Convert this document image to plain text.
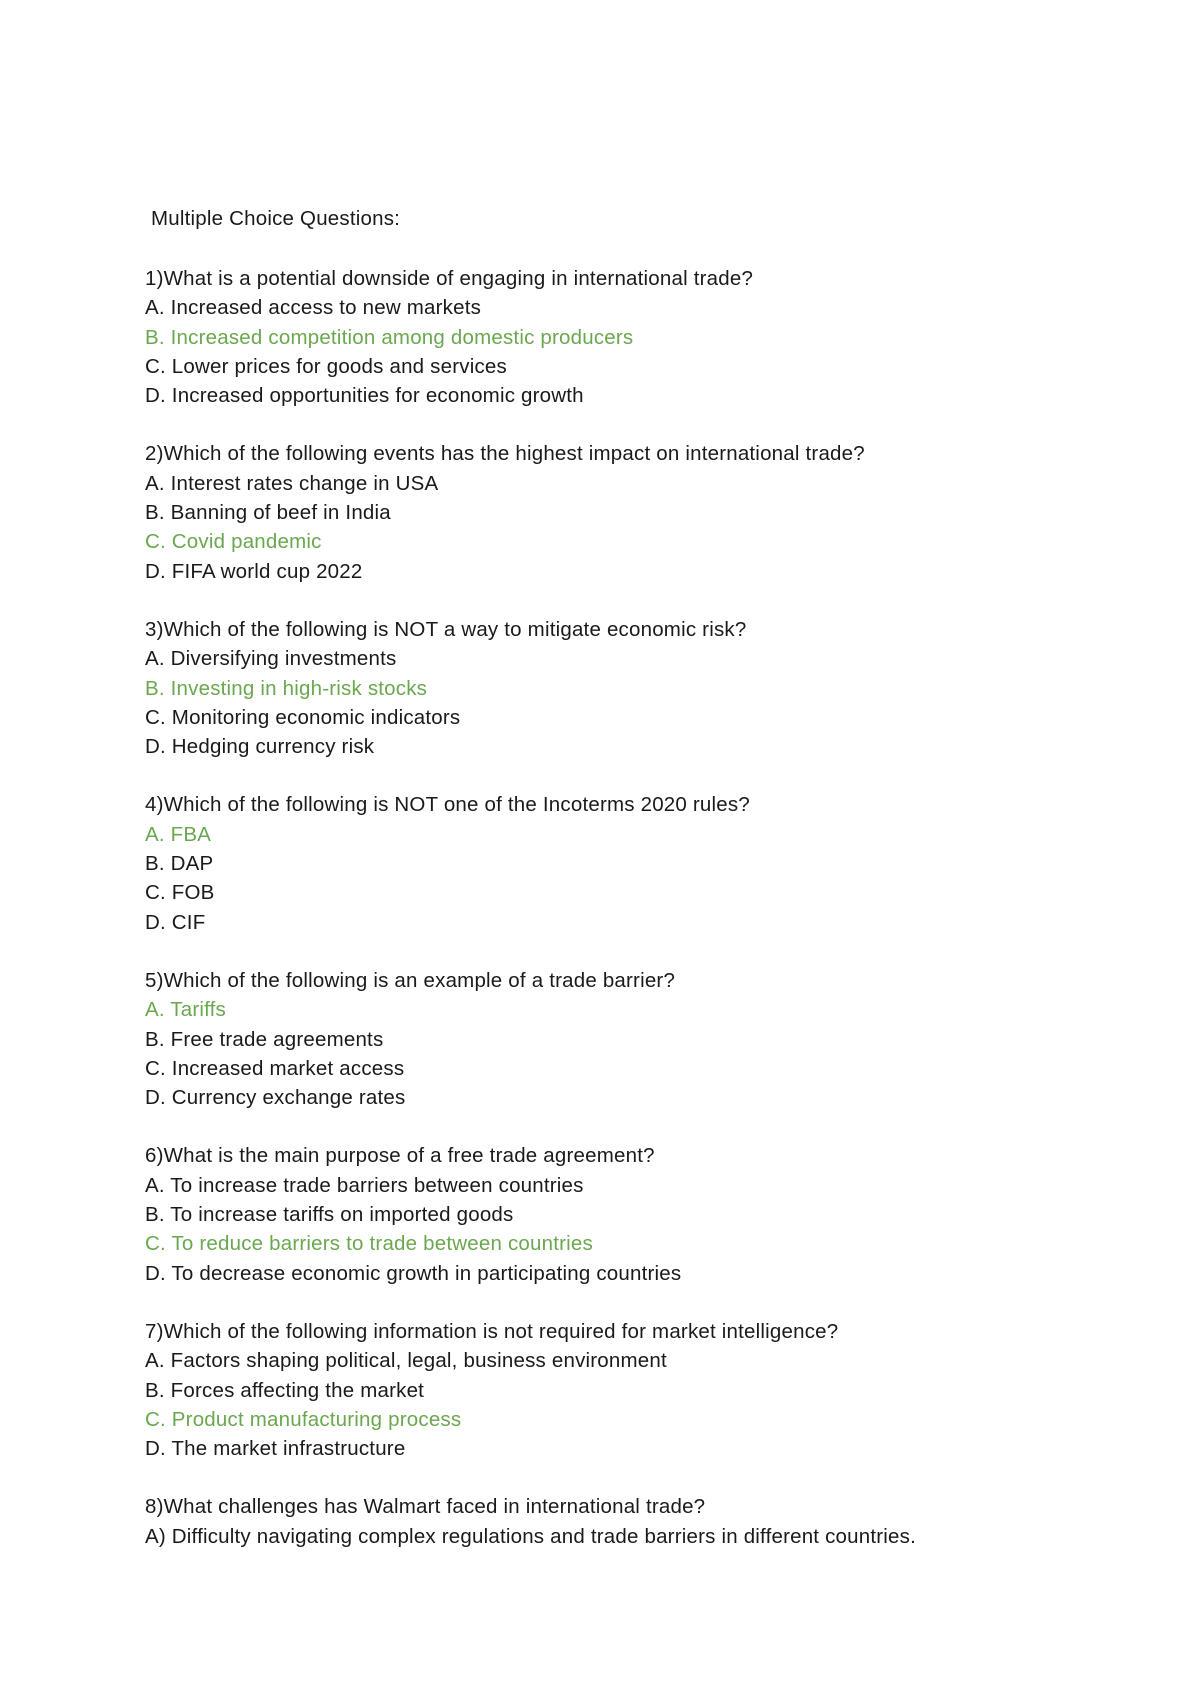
Multiple Choice Questions:
1)What is a potential downside of engaging in international trade?
A. Increased access to new markets
B. Increased competition among domestic producers
C. Lower prices for goods and services
D. Increased opportunities for economic growth
2)Which of the following events has the highest impact on international trade?
A. Interest rates change in USA
B. Banning of beef in India
C. Covid pandemic
D. FIFA world cup 2022
3)Which of the following is NOT a way to mitigate economic risk?
A. Diversifying investments
B. Investing in high-risk stocks
C. Monitoring economic indicators
D. Hedging currency risk
4)Which of the following is NOT one of the Incoterms 2020 rules?
A. FBA
B. DAP
C. FOB
D. CIF
5)Which of the following is an example of a trade barrier?
A. Tariffs
B. Free trade agreements
C. Increased market access
D. Currency exchange rates
6)What is the main purpose of a free trade agreement?
A. To increase trade barriers between countries
B. To increase tariffs on imported goods
C. To reduce barriers to trade between countries
D. To decrease economic growth in participating countries
7)Which of the following information is not required for market intelligence?
A. Factors shaping political, legal, business environment
B. Forces affecting the market
C. Product manufacturing process
D. The market infrastructure
8)What challenges has Walmart faced in international trade?
A) Difficulty navigating complex regulations and trade barriers in different countries.
